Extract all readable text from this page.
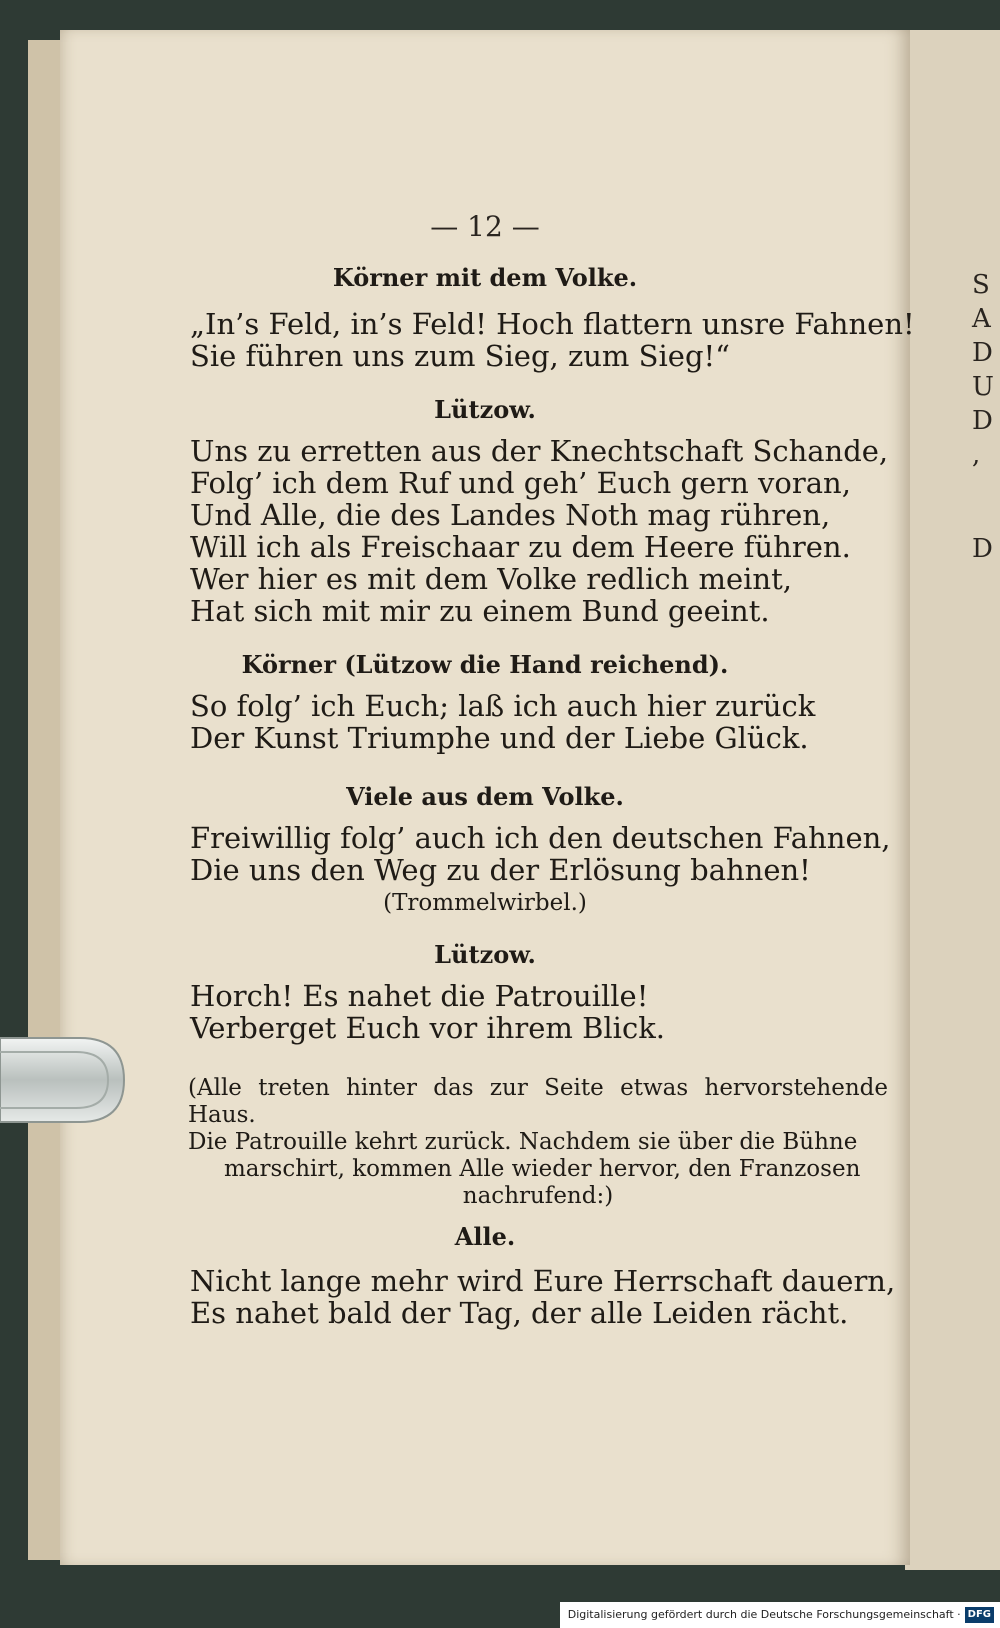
S
A
D
U
D
,
D
— 12 —
Körner mit dem Volke.
„In’s Feld, in’s Feld! Hoch flattern unsre Fahnen!
Sie führen uns zum Sieg, zum Sieg!“
Lützow.
Uns zu erretten aus der Knechtschaft Schande,
Folg’ ich dem Ruf und geh’ Euch gern voran,
Und Alle, die des Landes Noth mag rühren,
Will ich als Freischaar zu dem Heere führen.
Wer hier es mit dem Volke redlich meint,
Hat sich mit mir zu einem Bund geeint.
Körner (Lützow die Hand reichend).
So folg’ ich Euch; laß ich auch hier zurück
Der Kunst Triumphe und der Liebe Glück.
Viele aus dem Volke.
Freiwillig folg’ auch ich den deutschen Fahnen,
Die uns den Weg zu der Erlösung bahnen!
(Trommelwirbel.)
Lützow.
Horch! Es nahet die Patrouille!
Verberget Euch vor ihrem Blick.
(Alle treten hinter das zur Seite etwas hervorstehende Haus.
Die Patrouille kehrt zurück. Nachdem sie über die Bühne
marschirt, kommen Alle wieder hervor, den Franzosen
nachrufend:)
Alle.
Nicht lange mehr wird Eure Herrschaft dauern,
Es nahet bald der Tag, der alle Leiden rächt.
Digitalisierung gefördert durch die Deutsche Forschungsgemeinschaft · DFG
